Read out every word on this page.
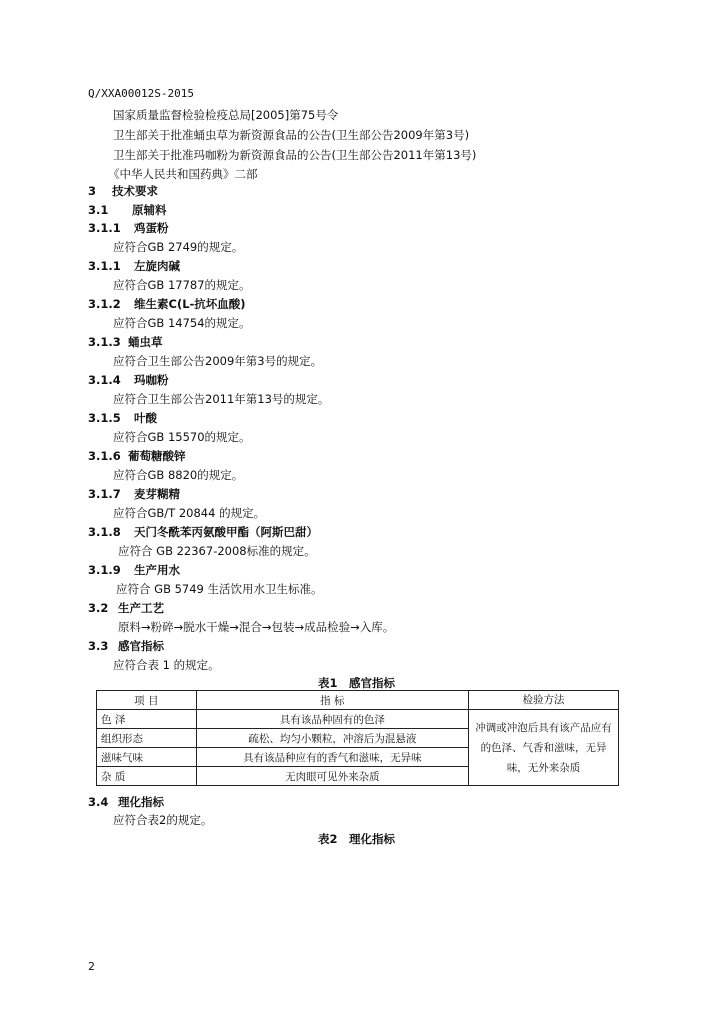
Q/XXA00012S-2015
国家质量监督检验检疫总局[2005]第75号令
卫生部关于批准蛹虫草为新资源食品的公告(卫生部公告2009年第3号)
卫生部关于批准玛咖粉为新资源食品的公告(卫生部公告2011年第13号)
《中华人民共和国药典》二部
3 技术要求
3.1 原辅料
3.1.1 鸡蛋粉
应符合GB 2749的规定。
3.1.1 左旋肉碱
应符合GB 17787的规定。
3.1.2 维生素C(L-抗坏血酸)
应符合GB 14754的规定。
3.1.3 蛹虫草
应符合卫生部公告2009年第3号的规定。
3.1.4 玛咖粉
应符合卫生部公告2011年第13号的规定。
3.1.5 叶酸
应符合GB 15570的规定。
3.1.6 葡萄糖酸锌
应符合GB 8820的规定。
3.1.7 麦芽糊精
应符合GB/T 20844 的规定。
3.1.8 天门冬酰苯丙氨酸甲酯（阿斯巴甜）
应符合 GB 22367-2008标准的规定。
3.1.9 生产用水
应符合 GB 5749 生活饮用水卫生标准。
3.2 生产工艺
原料→粉碎→脱水干燥→混合→包装→成品检验→入库。
3.3 感官指标
应符合表 1 的规定。
表1　感官指标
项 目	指 标	检验方法
色 泽	具有该品种固有的色泽	冲调或冲泡后具有该产品应有的色泽、气香和滋味，无异味，无外来杂质
组织形态	疏松、均匀小颗粒，冲溶后为混悬液	
滋味气味	具有该品种应有的香气和滋味，无异味	
杂 质	无肉眼可见外来杂质	
3.4 理化指标
应符合表2的规定。
表2　理化指标
2
